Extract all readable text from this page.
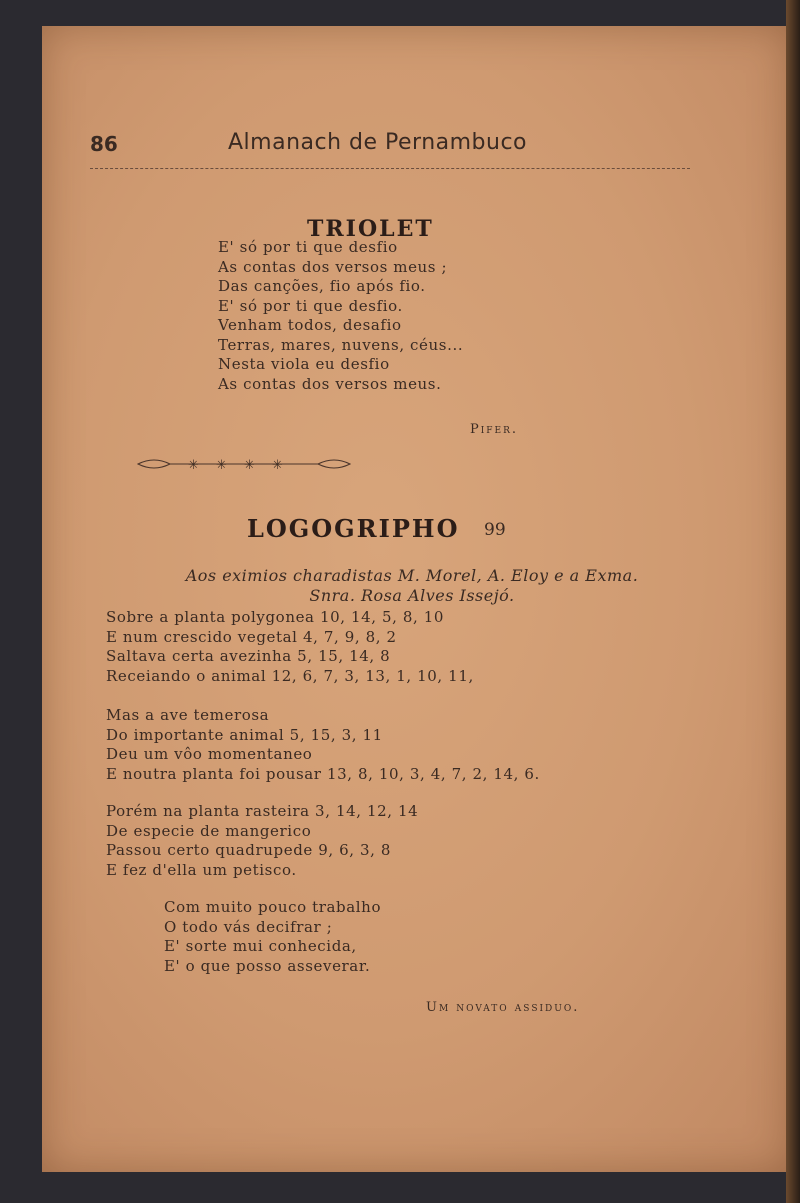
86	Almanach de Pernambuco
TRIOLET
E' só por ti que desfio
As contas dos versos meus ;
Das canções, fio após fio.
E' só por ti que desfio.
Venham todos, desafio
Terras, mares, nuvens, céus...
Nesta viola eu desfio
As contas dos versos meus.
Pifer.
✳ ✳ ✳ ✳
LOGOGRIPHO 99
Aos eximios charadistas M. Morel, A. Eloy e a Exma.
Snra. Rosa Alves Issejó.
Sobre a planta polygonea 10, 14, 5, 8, 10
E num crescido vegetal 4, 7, 9, 8, 2
Saltava certa avezinha 5, 15, 14, 8
Receiando o animal 12, 6, 7, 3, 13, 1, 10, 11,
Mas a ave temerosa
Do importante animal 5, 15, 3, 11
Deu um vôo momentaneo
E noutra planta foi pousar 13, 8, 10, 3, 4, 7, 2, 14, 6.
Porém na planta rasteira 3, 14, 12, 14
De especie de mangerico
Passou certo quadrupede 9, 6, 3, 8
E fez d'ella um petisco.
Com muito pouco trabalho
O todo vás decifrar ;
E' sorte mui conhecida,
E' o que posso asseverar.
Um novato assiduo.
